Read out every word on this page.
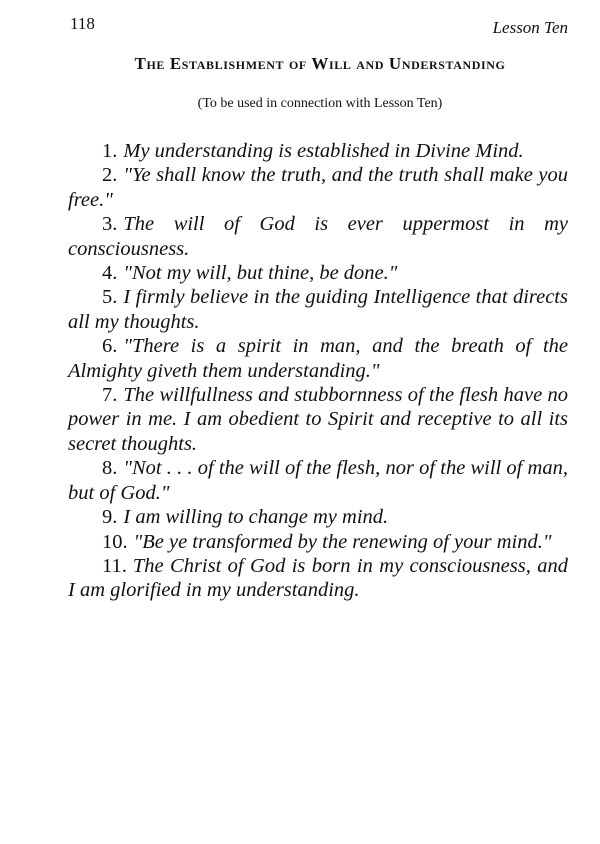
118	Lesson Ten
The Establishment of Will and Understanding
(To be used in connection with Lesson Ten)

1. My understanding is established in Divine Mind.

2. "Ye shall know the truth, and the truth shall make you free."

3. The will of God is ever uppermost in my consciousness.

4. "Not my will, but thine, be done."

5. I firmly believe in the guiding Intelligence that directs all my thoughts.

6. "There is a spirit in man, and the breath of the Almighty giveth them understanding."

7. The willfullness and stubbornness of the flesh have no power in me. I am obedient to Spirit and receptive to all its secret thoughts.

8. "Not . . . of the will of the flesh, nor of the will of man, but of God."

9. I am willing to change my mind.

10. "Be ye transformed by the renewing of your mind."

11. The Christ of God is born in my consciousness, and I am glorified in my understanding.
